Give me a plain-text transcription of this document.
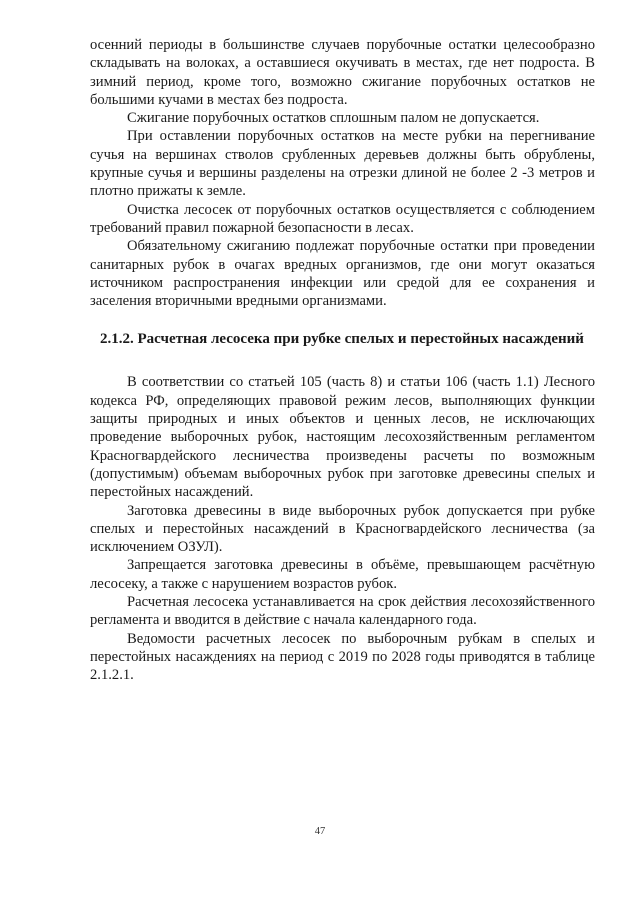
осенний периоды в большинстве случаев порубочные остатки целесообразно складывать на волоках, а оставшиеся окучивать в местах, где нет подроста. В зимний период, кроме того, возможно сжигание порубочных остатков не большими кучами в местах без подроста.

Сжигание порубочных остатков сплошным палом не допускается.

При оставлении порубочных остатков на месте рубки на перегнивание сучья на вершинах стволов срубленных деревьев должны быть обрублены, крупные сучья и вершины разделены на отрезки длиной не более 2 -3 метров и плотно прижаты к земле.

Очистка лесосек от порубочных остатков осуществляется с соблюдением требований правил пожарной безопасности в лесах.

Обязательному сжиганию подлежат порубочные остатки при проведении санитарных рубок в очагах вредных организмов, где они могут оказаться источником распространения инфекции или средой для ее сохранения и заселения вторичными вредными организмами.

2.1.2. Расчетная лесосека при рубке спелых и перестойных насаждений

В соответствии со статьей 105 (часть 8) и статьи 106 (часть 1.1) Лесного кодекса РФ, определяющих правовой режим лесов, выполняющих функции защиты природных и иных объектов и ценных лесов, не исключающих проведение выборочных рубок, настоящим лесохозяйственным регламентом Красногвардейского лесничества произведены расчеты по возможным (допустимым) объемам выборочных рубок при заготовке древесины спелых и перестойных насаждений.

Заготовка древесины в виде выборочных рубок допускается при рубке спелых и перестойных насаждений в Красногвардейского лесничества (за исключением ОЗУЛ).

Запрещается заготовка древесины в объёме, превышающем расчётную лесосеку, а также с нарушением возрастов рубок.

Расчетная лесосека устанавливается на срок действия лесохозяйственного регламента и вводится в действие с начала календарного года.

Ведомости расчетных лесосек по выборочным рубкам в спелых и перестойных насаждениях на период с 2019 по 2028 годы приводятся в таблице 2.1.2.1.

47
